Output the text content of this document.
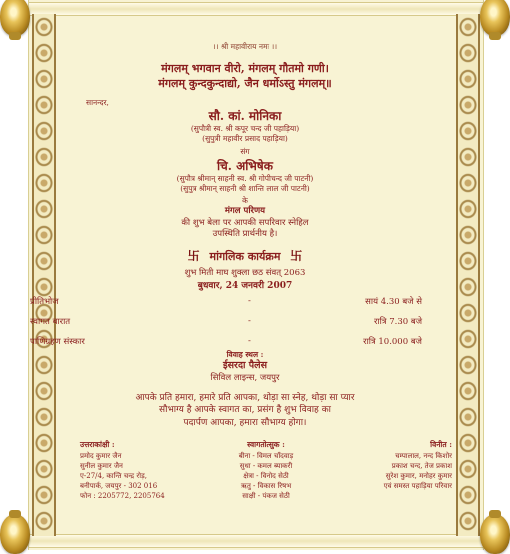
।। श्री महावीराय नमः ।।
मंगलम् भगवान वीरो, मंगलम् गौतमो गणी।
मंगलम् कुन्दकुन्दाद्यो, जैन धर्मोऽस्तु मंगलम्॥
सानन्दर,
सौ. कां. मोनिका
(सुपौत्री स्व. श्री कपूर चन्द जी पहाड़िया)
(सुपुत्री महावीर प्रसाद पहाड़िया)
संग
चि. अभिषेक
(सुपौत्र श्रीमान् साहनी स्व. श्री गोपीचन्द जी पाटनी)
(सुपुत्र श्रीमान् साहनी श्री शान्ति लाल जी पाटनी)
के
मंगल परिणय
की शुभ बेला पर आपकी सपरिवार स्नेहिल
उपस्थिति प्रार्थनीय है।
卐 मांगलिक कार्यक्रम 卐
शुभ मिती माघ शुक्ला छठ संवत् 2063
बुधवार, 24 जनवरी 2007
प्रीतिभोज	-	सायं 4.30 बजे से
स्वागत बारात	-	रात्रि 7.30 बजे
पाणिग्रहण संस्कार	-	रात्रि 10.000 बजे
विवाह स्थल :
ईसरदा पैलेस
सिविल लाइन्स, जयपुर
आपके प्रति हमारा, हमारे प्रति आपका, थोड़ा सा स्नेह, थोड़ा सा प्यार
सौभाग्य है आपके स्वागत का, प्रसंग है शुभ विवाह का
पदार्पण आपका, हमारा सौभाग्य होगा।
उत्तराकांक्षी :
प्रमोद कुमार जैन
सुनील कुमार जैन
ए-27/4, कान्ति चन्द्र रोड़,
बनीपार्क, जयपुर - 302 016
फोन : 2205772, 2205764
स्वागतोत्सुक :
बीना - विमल चाँदवाड़
सुधा - कमल ब्याकरी
क्षेत्रा - विनोद सेठी
ऋतु - विकास रिषभ
साक्षी - पंकज सेठी
विनीत :
चम्पालाल, नन्द किशोर
प्रकाश चन्द, तेज प्रकाश
सुरेश कुमार, मनोहर कुमार
एवं समस्त पहाड़िया परिवार
